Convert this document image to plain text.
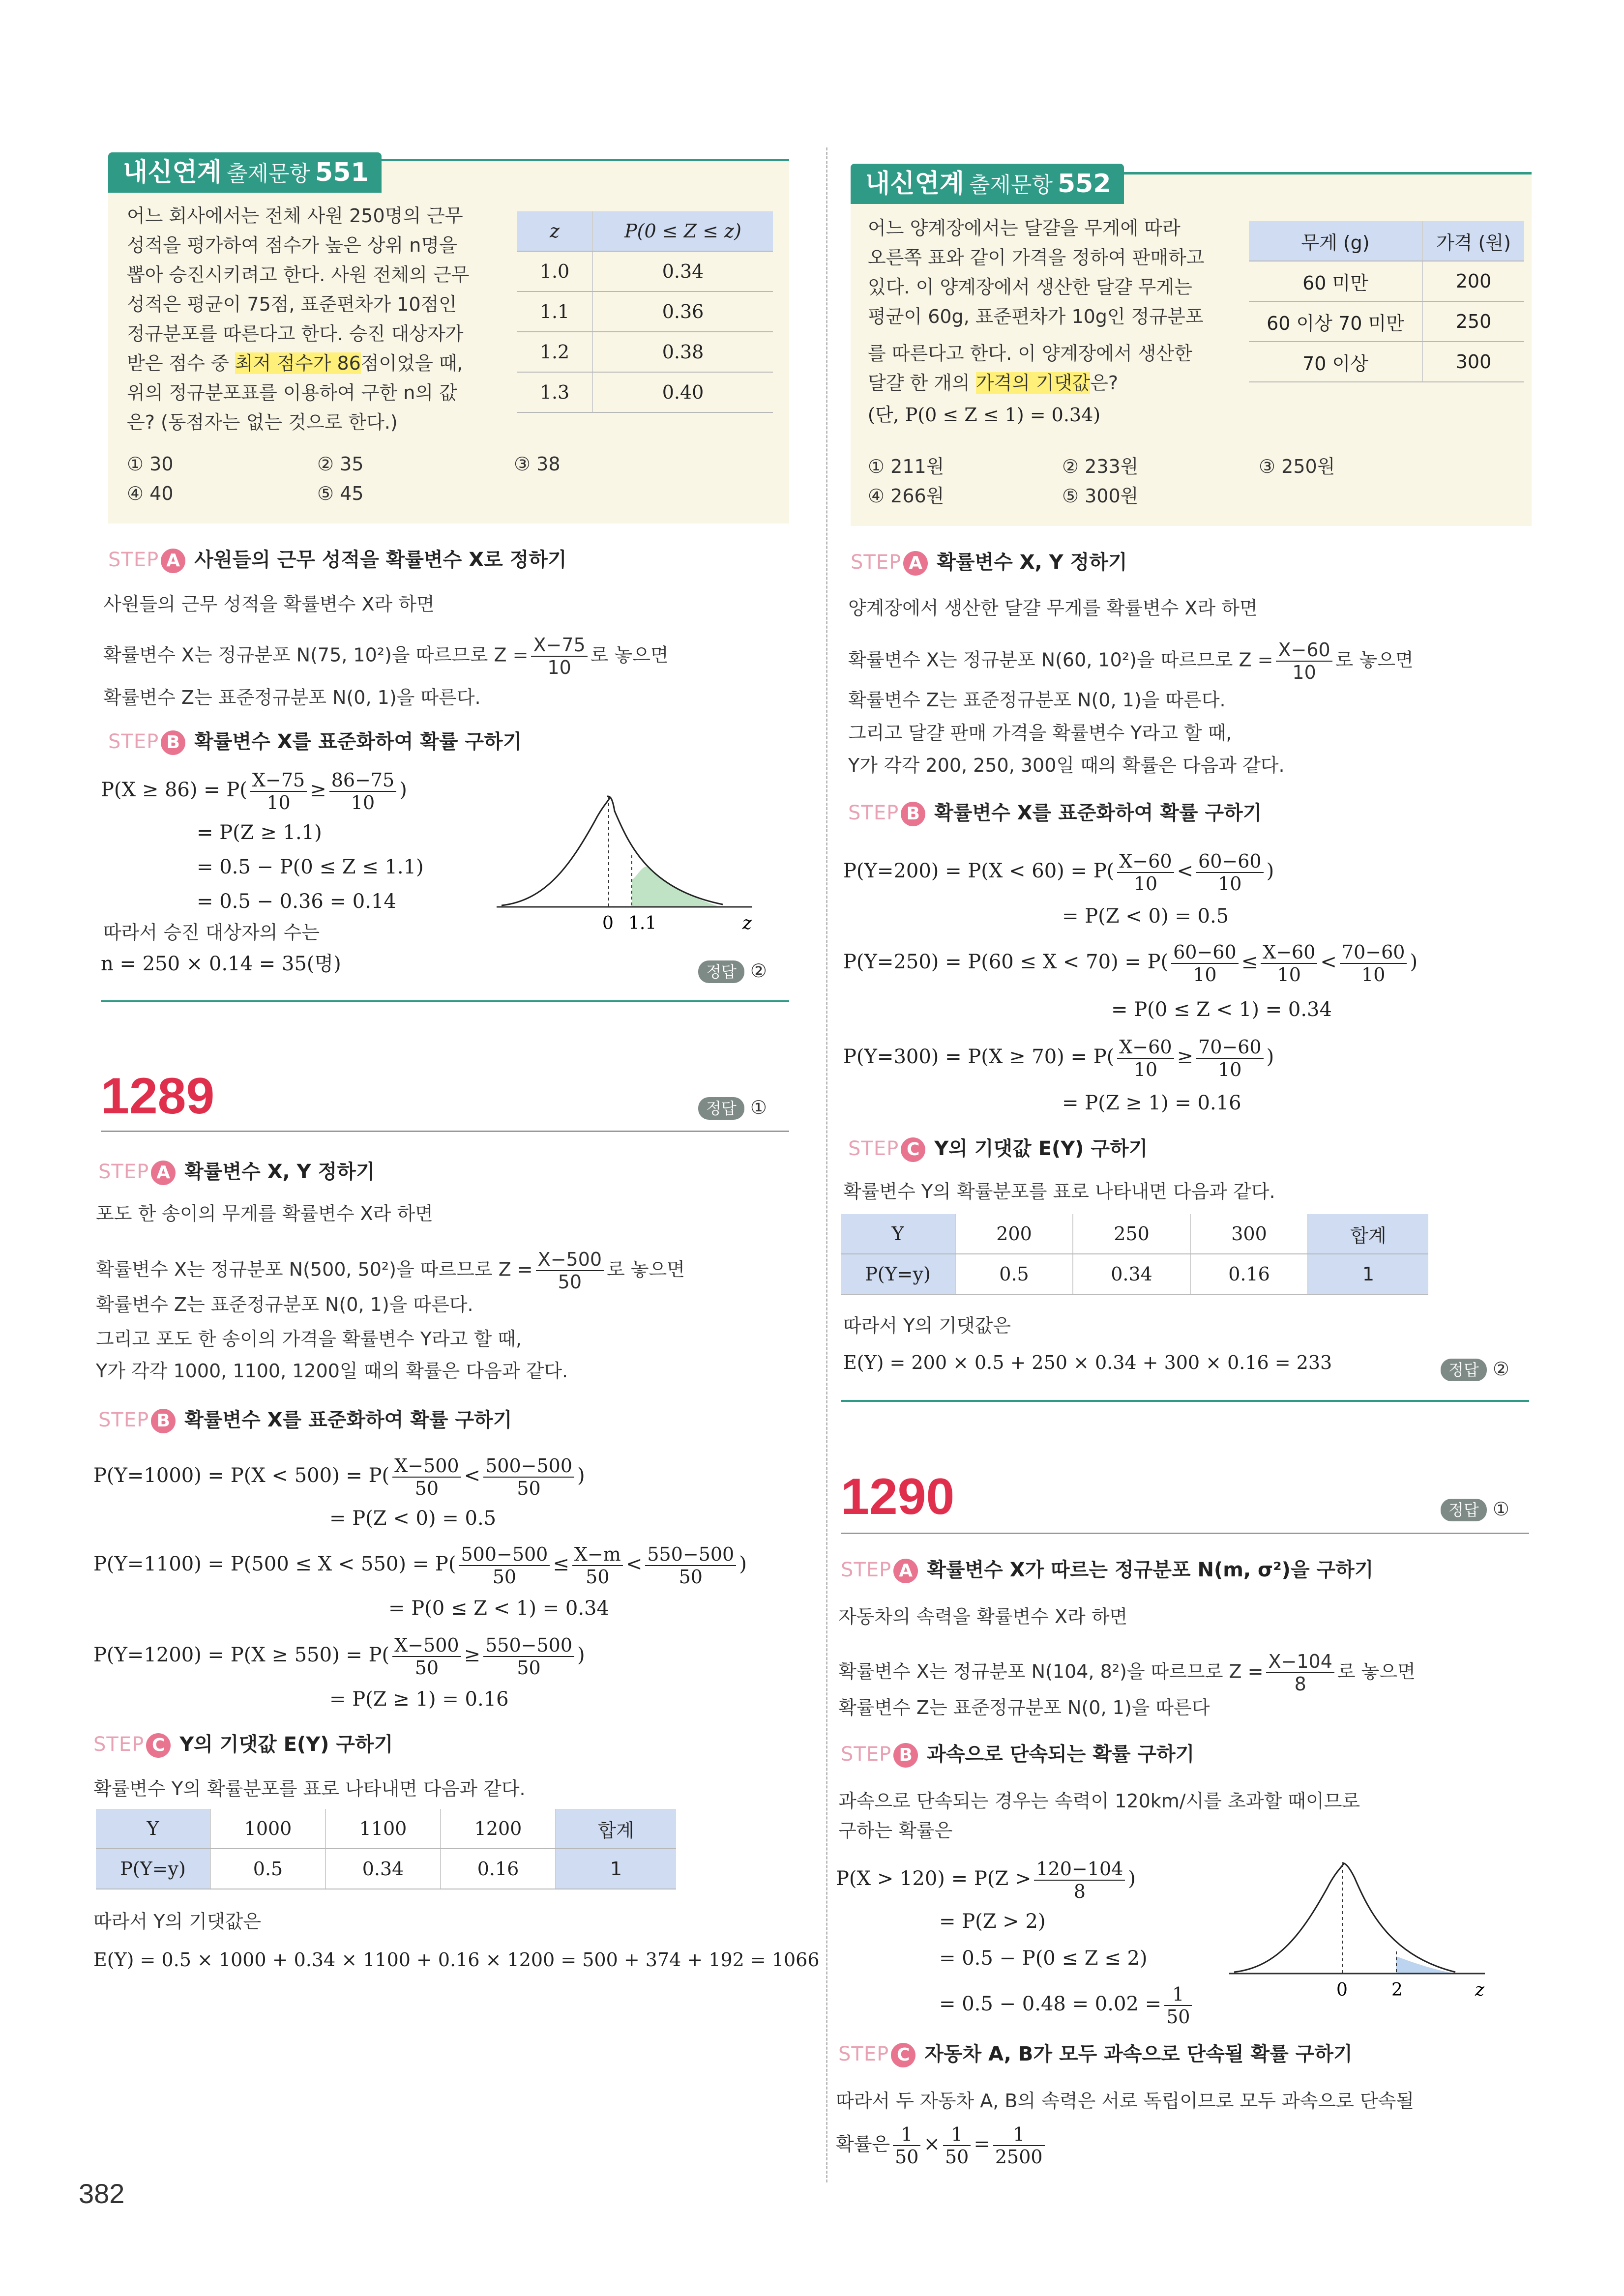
내신연계 출제문항 551
어느 회사에서는 전체 사원 250명의 근무
성적을 평가하여 점수가 높은 상위 n명을
뽑아 승진시키려고 한다. 사원 전체의 근무
성적은 평균이 75점, 표준편차가 10점인
정규분포를 따른다고 한다. 승진 대상자가
받은 점수 중 최저 점수가 86점이었을 때,
위의 정규분포표를 이용하여 구한 n의 값
은? (동점자는 없는 것으로 한다.)
z	P(0 ≤ Z ≤ z)
1.0	0.34
1.1	0.36
1.2	0.38
1.3	0.40
① 30	② 35	③ 38
④ 40	⑤ 45
STEP A 사원들의 근무 성적을 확률변수 X로 정하기
사원들의 근무 성적을 확률변수 X라 하면
확률변수 X는 정규분포 N(75, 10²)을 따르므로 $Z = \frac{X-75}{10}$ 로 놓으면
확률변수 Z는 표준정규분포 N(0, 1)을 따른다.
STEP B 확률변수 X를 표준화하여 확률 구하기
$P(X \ge 86) = P( \frac{X-75}{10} \ge \frac{86-75}{10}$ )
= P(Z ≥ 1.1)
= 0.5 − P(0 ≤ Z ≤ 1.1)
= 0.5 − 0.36 = 0.14
따라서 승진 대상자의 수는
n = 250 × 0.14 = 35(명)
0 1.1	z
정답 ②
1289	정답 ①
STEP A 확률변수 X, Y 정하기
포도 한 송이의 무게를 확률변수 X라 하면
확률변수 X는 정규분포 N(500, 50²)을 따르므로 $Z = \frac{X-500}{50}$ 로 놓으면
확률변수 Z는 표준정규분포 N(0, 1)을 따른다.
그리고 포도 한 송이의 가격을 확률변수 Y라고 할 때,
Y가 각각 1000, 1100, 1200일 때의 확률은 다음과 같다.
STEP B 확률변수 X를 표준화하여 확률 구하기
$P(Y=1000) = P(X < 500) = P( \frac{X-500}{50} < \frac{500-500}{50}$ )
= P(Z < 0) = 0.5
$P(Y=1100) = P(500 \le X < 550) = P( \frac{500-500}{50} \le \frac{X-m}{50} < \frac{550-500}{50}$ )
= P(0 ≤ Z < 1) = 0.34
$P(Y=1200) = P(X \ge 550) = P( \frac{X-500}{50} \ge \frac{550-500}{50}$ )
= P(Z ≥ 1) = 0.16
STEP C Y의 기댓값 E(Y) 구하기
확률변수 Y의 확률분포를 표로 나타내면 다음과 같다.
Y	1000	1100	1200	합계
P(Y=y)	0.5	0.34	0.16	1
따라서 Y의 기댓값은
E(Y) = 0.5 × 1000 + 0.34 × 1100 + 0.16 × 1200 = 500 + 374 + 192 = 1066
내신연계 출제문항 552
어느 양계장에서는 달걀을 무게에 따라
오른쪽 표와 같이 가격을 정하여 판매하고
있다. 이 양계장에서 생산한 달걀 무게는
평균이 60g, 표준편차가 10g인 정규분포
를 따른다고 한다. 이 양계장에서 생산한
달걀 한 개의 가격의 기댓값은?
(단, P(0 ≤ Z ≤ 1) = 0.34)
무게 (g)	가격 (원)
60 미만	200
60 이상 70 미만	250
70 이상	300
① 211원	② 233원	③ 250원
④ 266원	⑤ 300원
STEP A 확률변수 X, Y 정하기
양계장에서 생산한 달걀 무게를 확률변수 X라 하면
확률변수 X는 정규분포 N(60, 10²)을 따르므로 $Z = \frac{X-60}{10}$ 로 놓으면
확률변수 Z는 표준정규분포 N(0, 1)을 따른다.
그리고 달걀 판매 가격을 확률변수 Y라고 할 때,
Y가 각각 200, 250, 300일 때의 확률은 다음과 같다.
STEP B 확률변수 X를 표준화하여 확률 구하기
$P(Y=200) = P(X < 60) = P( \frac{X-60}{10} < \frac{60-60}{10}$ )
= P(Z < 0) = 0.5
$P(Y=250) = P(60 \le X < 70) = P( \frac{60-60}{10} \le \frac{X-60}{10} < \frac{70-60}{10}$ )
= P(0 ≤ Z < 1) = 0.34
$P(Y=300) = P(X \ge 70) = P( \frac{X-60}{10} \ge \frac{70-60}{10}$ )
= P(Z ≥ 1) = 0.16
STEP C Y의 기댓값 E(Y) 구하기
확률변수 Y의 확률분포를 표로 나타내면 다음과 같다.
Y	200	250	300	합계
P(Y=y)	0.5	0.34	0.16	1
따라서 Y의 기댓값은
E(Y) = 200 × 0.5 + 250 × 0.34 + 300 × 0.16 = 233	정답 ②
1290	정답 ①
STEP A 확률변수 X가 따르는 정규분포 N(m, σ²)을 구하기
자동차의 속력을 확률변수 X라 하면
확률변수 X는 정규분포 N(104, 8²)을 따르므로 $Z = \frac{X-104}{8}$ 로 놓으면
확률변수 Z는 표준정규분포 N(0, 1)을 따른다
STEP B 과속으로 단속되는 확률 구하기
과속으로 단속되는 경우는 속력이 120km/시를 초과할 때이므로
구하는 확률은
$P(X > 120) = P(Z > \frac{120-104}{8}$ )
= P(Z > 2)
= 0.5 − P(0 ≤ Z ≤ 2)
= $0.5 - 0.48 = 0.02 = \frac{1}{50}$	0 2	z
STEP C 자동차 A, B가 모두 과속으로 단속될 확률 구하기
따라서 두 자동차 A, B의 속력은 서로 독립이므로 모두 과속으로 단속될
확률은 $\frac{1}{50} \times \frac{1}{50} = \frac{1}{2500}$
382
